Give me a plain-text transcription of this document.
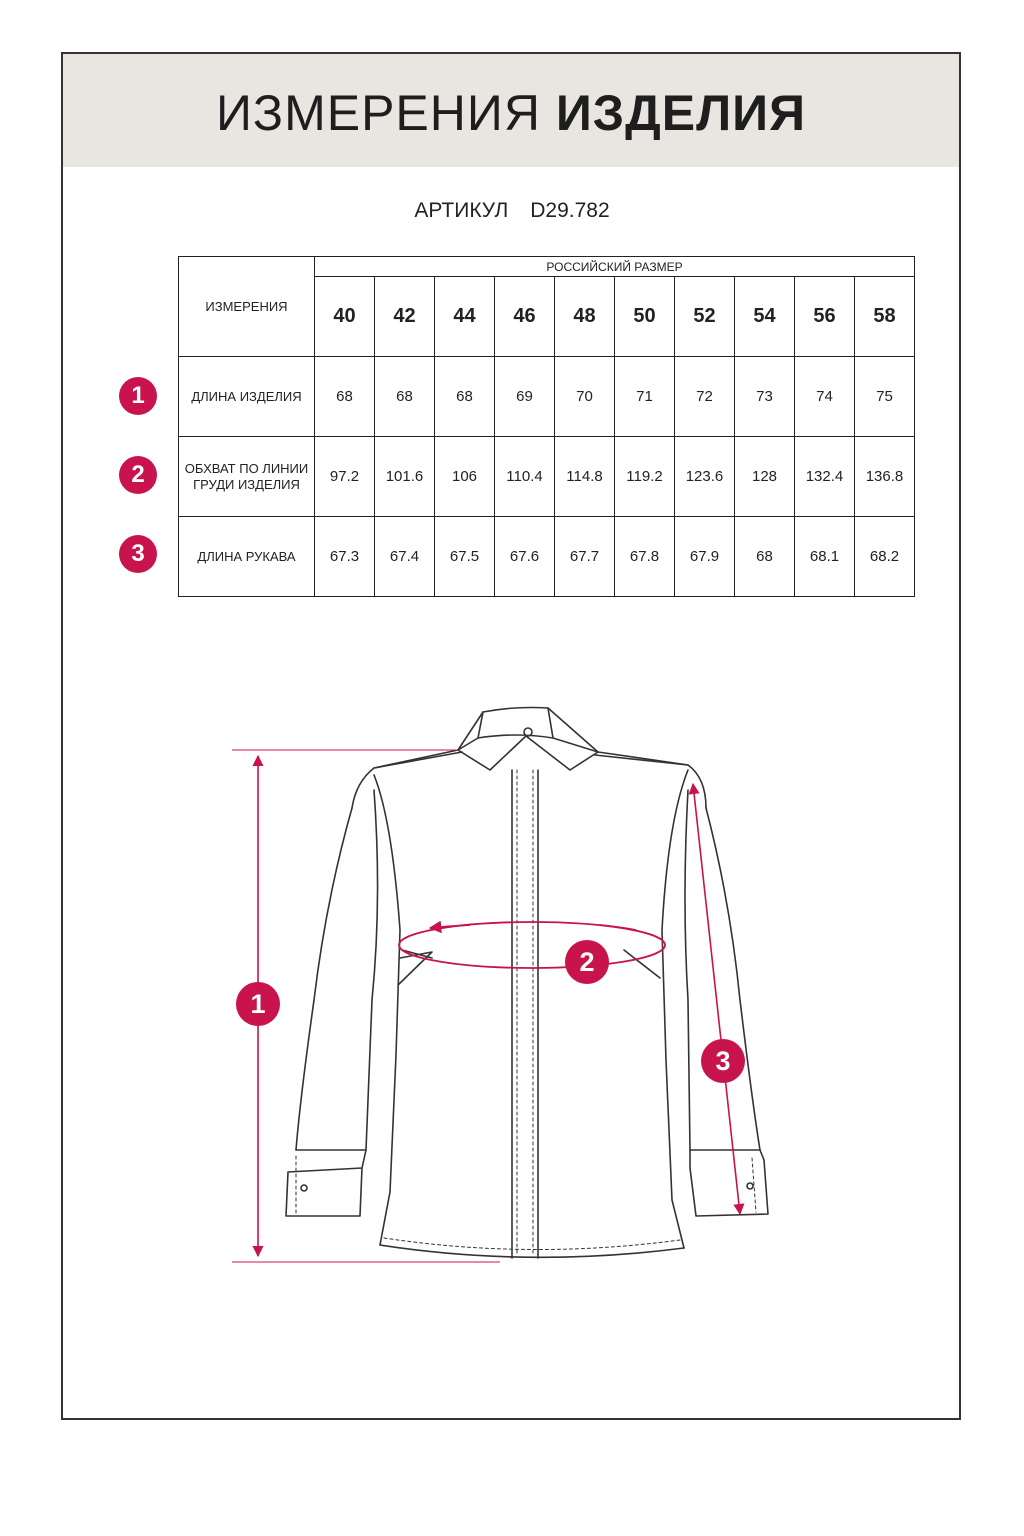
ИЗМЕРЕНИЯ ИЗДЕЛИЯ
АРТИКУЛ D29.782
1
2
3
ИЗМЕРЕНИЯ	РОССИЙСКИЙ РАЗМЕР									
	40	42	44	46	48	50	52	54	56	58
ДЛИНА ИЗДЕЛИЯ	68	68	68	69	70	71	72	73	74	75
ОБХВАТ ПО ЛИНИИ ГРУДИ ИЗДЕЛИЯ	97.2	101.6	106	110.4	114.8	119.2	123.6	128	132.4	136.8
ДЛИНА РУКАВА	67.3	67.4	67.5	67.6	67.7	67.8	67.9	68	68.1	68.2
1
2
3
